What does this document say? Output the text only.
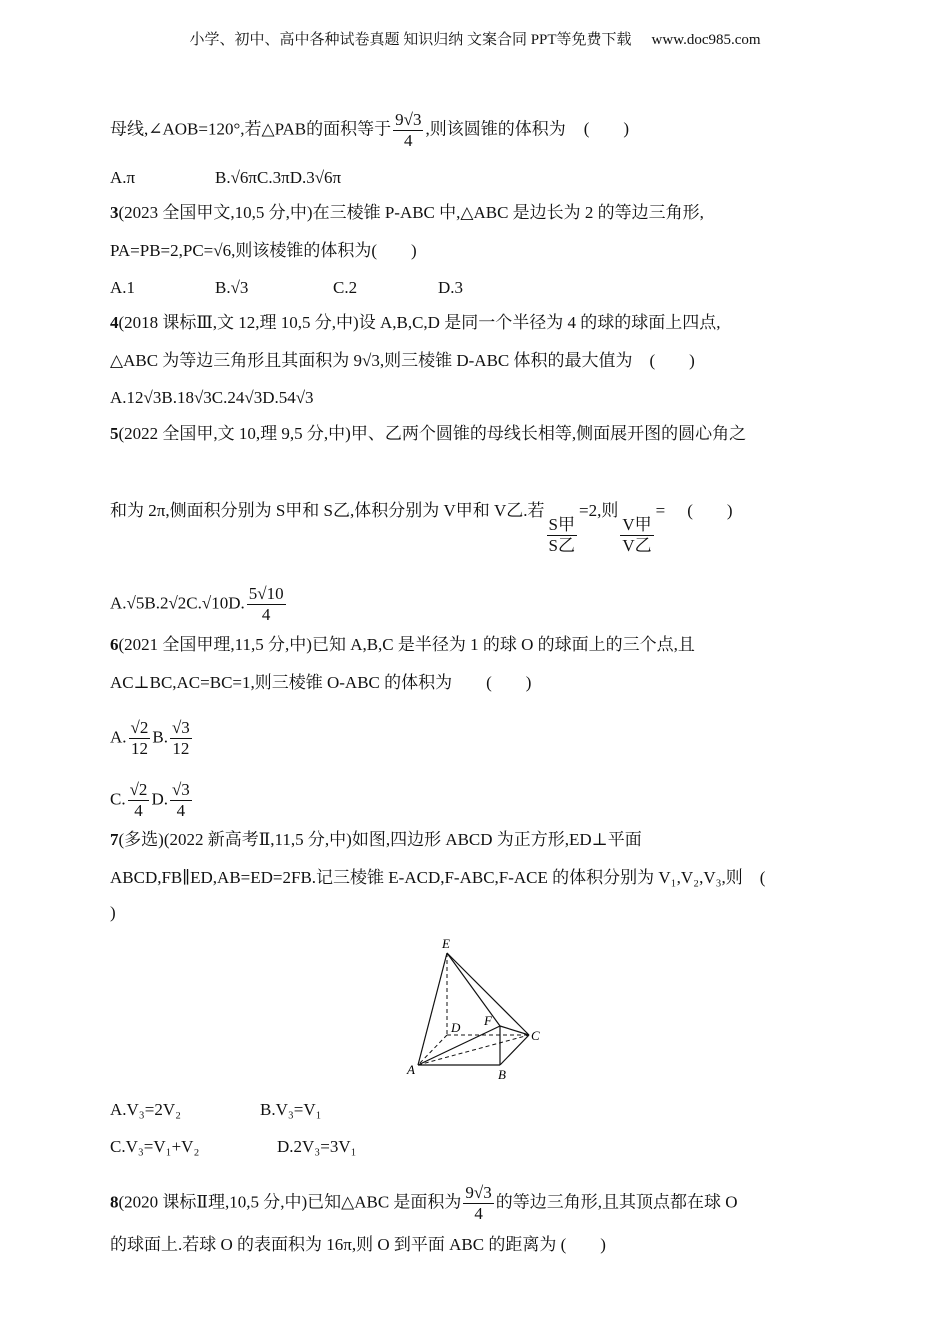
小学、初中、高中各种试卷真题 知识归纳 文案合同 PPT等免费下载 www.doc985.com
母线,∠AOB=120°,若△PAB的面积等于 $\frac{9√3}{4}$ ,则该圆锥的体积为 (　　)
A.π	B.√6πC.3πD.3√6π
3(2023 全国甲文,10,5 分,中)在三棱锥 P-ABC 中,△ABC 是边长为 2 的等边三角形,
PA=PB=2,PC=√6,则该棱锥的体积为(　　)
A.1	B.√3	C.2	D.3
4(2018 课标Ⅲ,文 12,理 10,5 分,中)设 A,B,C,D 是同一个半径为 4 的球的球面上四点,
△ABC 为等边三角形且其面积为 9√3,则三棱锥 D-ABC 体积的最大值为　(　　)
A.12√3B.18√3C.24√3D.54√3
5(2022 全国甲,文 10,理 9,5 分,中)甲、乙两个圆锥的母线长相等,侧面展开图的圆心角之
和为 2π,侧面积分别为 S甲和 S乙,体积分别为 V甲和 V乙.若
$\frac{\text{S甲}}{\text{S乙}}$
=2,则
$\frac{\text{V甲}}{\text{V乙}}$
= (　　)
A.√5B.2√2C.√10D. $\frac{5√10}{4}$
6(2021 全国甲理,11,5 分,中)已知 A,B,C 是半径为 1 的球 O 的球面上的三个点,且
AC⊥BC,AC=BC=1,则三棱锥 O-ABC 的体积为　　(　　)
A. $\frac{√2}{12} B$. $\frac{√3}{12}$
C. $\frac{√2}{4} D$. $\frac{√3}{4}$
7(多选)(2022 新高考Ⅱ,11,5 分,中)如图,四边形 ABCD 为正方形,ED⊥平面
ABCD,FB∥ED,AB=ED=2FB.记三棱锥 E-ACD,F-ABC,F-ACE 的体积分别为 V₁,V₂,V₃,则　(
)
E
D F
C
A	B
A.V₃=2V₂	B.V₃=V₁
C.V₃=V₁+V₂	D.2V₃=3V₁
8(2020 课标Ⅱ理,10,5 分,中)已知△ABC 是面积为 $\frac{9√3}{4}$ 的等边三角形,且其顶点都在球 O
的球面上.若球 O 的表面积为 16π,则 O 到平面 ABC 的距离为 (　　)
